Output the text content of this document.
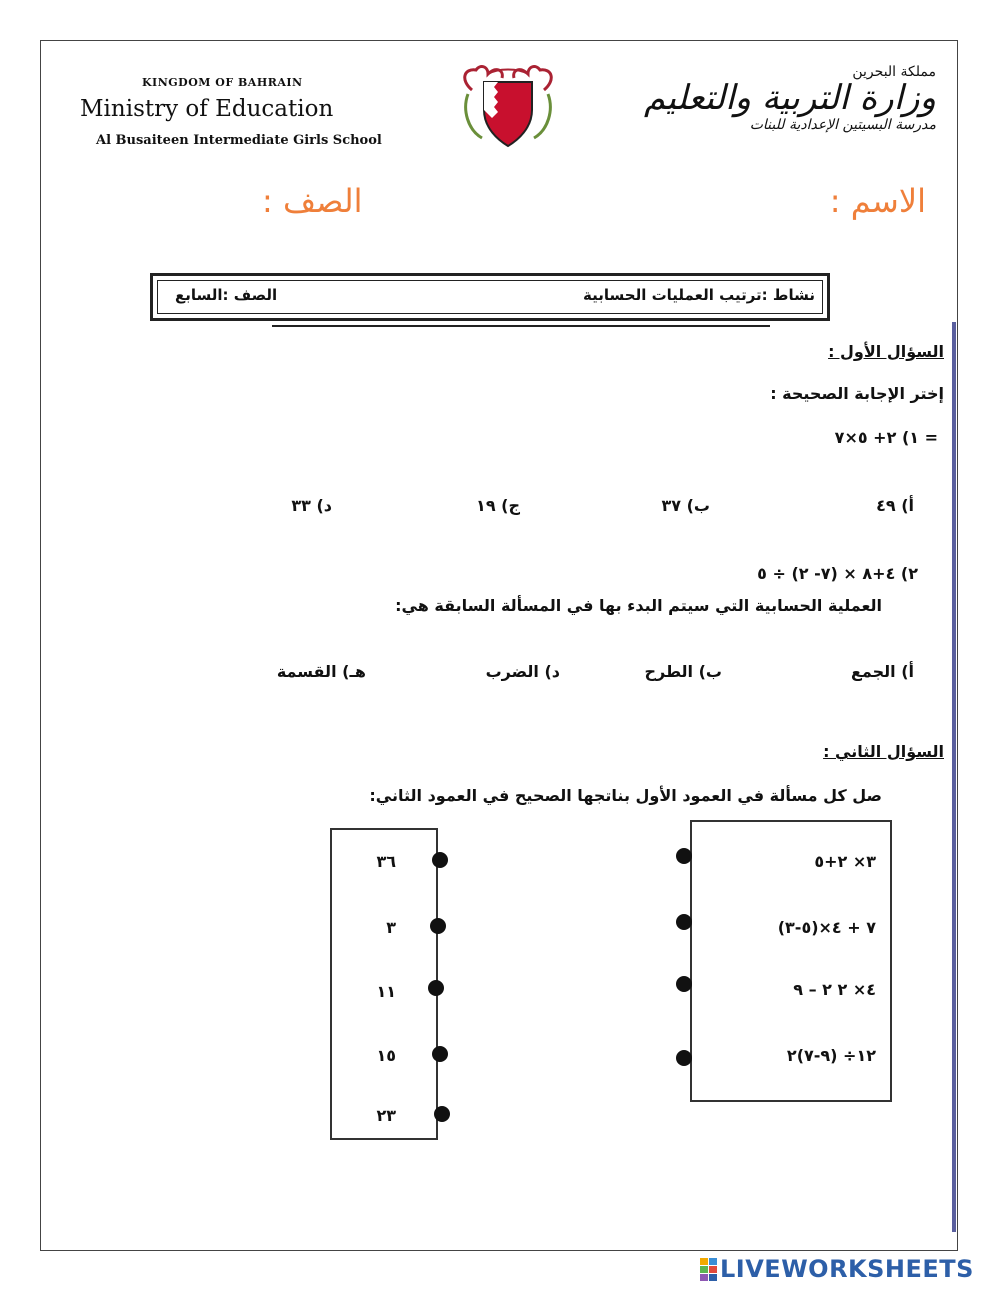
KINGDOM OF BAHRAIN
Ministry of Education
Al Busaiteen Intermediate Girls School
مملكة البحرين
وزارة التربية والتعليم
مدرسة البسيتين الإعدادية للبنات
الاسم :
الصف :
نشاط :ترتيب العمليات الحسابية
الصف :السابع
السؤال الأول :
إختر الإجابة الصحيحة :
١) ٢+ ٥×٧ =
أ) ٤٩
ب) ٣٧
ج) ١٩
د) ٣٣
٢) ٤+٨ × (٧- ٢) ÷ ٥
العملية الحسابية التي سيتم البدء بها في المسألة السابقة هي:
أ) الجمع
ب) الطرح
د) الضرب
هـ) القسمة
السؤال الثاني :
صل كل مسألة في العمود الأول بناتجها الصحيح في العمود الثاني:
٣× ٢+٥
٧ + ٤×(٥-٣)
٤× ٢ ٢ – ٩
١٢÷ (٩-٧)٢
٣٦
٣
١١
١٥
٢٣
LIVEWORKSHEETS
